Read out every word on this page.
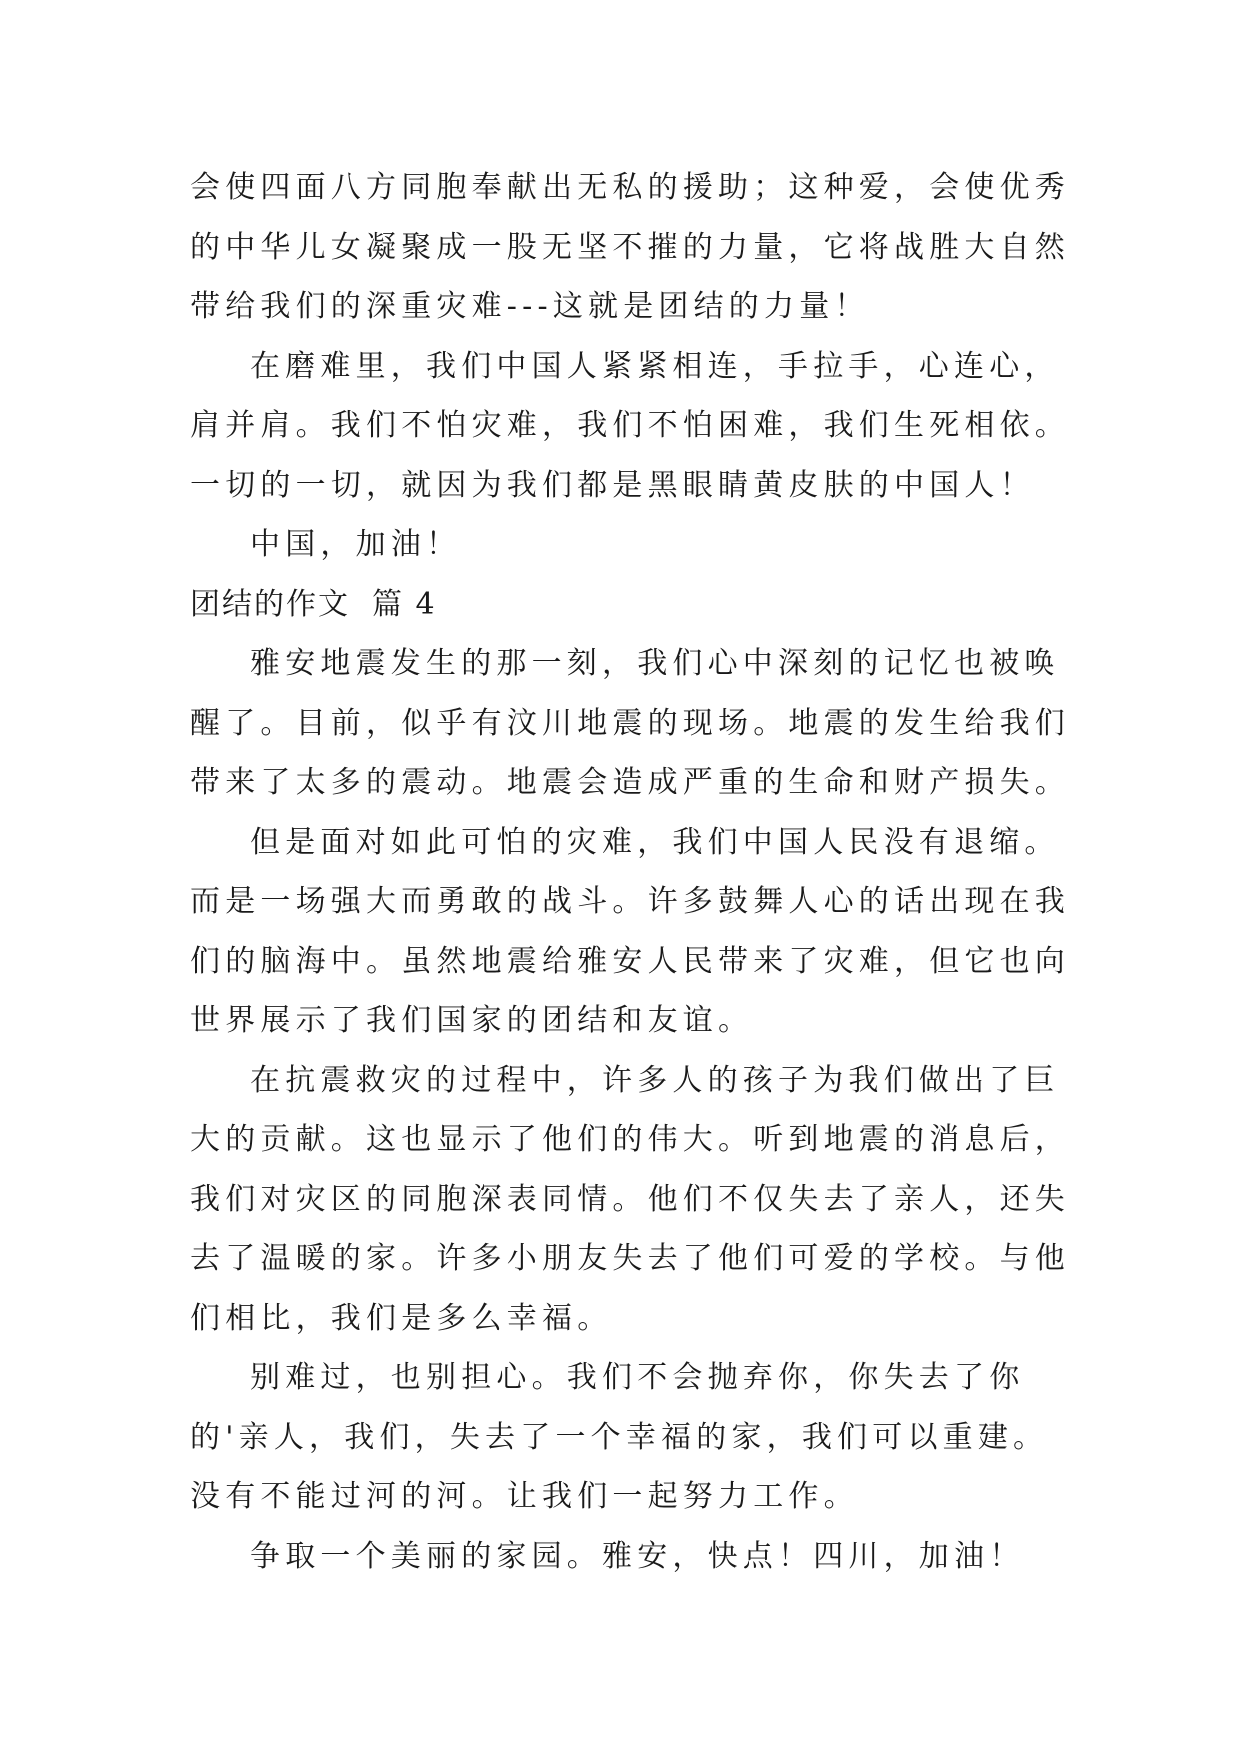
会使四面八方同胞奉献出无私的援助；这种爱，会使优秀的中华儿女凝聚成一股无坚不摧的力量，它将战胜大自然带给我们的深重灾难---这就是团结的力量！

在磨难里，我们中国人紧紧相连，手拉手，心连心，肩并肩。我们不怕灾难，我们不怕困难，我们生死相依。一切的一切，就因为我们都是黑眼睛黄皮肤的中国人！

中国，加油！

团结的作文 篇 4

雅安地震发生的那一刻，我们心中深刻的记忆也被唤醒了。目前，似乎有汶川地震的现场。地震的发生给我们带来了太多的震动。地震会造成严重的生命和财产损失。

但是面对如此可怕的灾难，我们中国人民没有退缩。而是一场强大而勇敢的战斗。许多鼓舞人心的话出现在我们的脑海中。虽然地震给雅安人民带来了灾难，但它也向世界展示了我们国家的团结和友谊。

在抗震救灾的过程中，许多人的孩子为我们做出了巨大的贡献。这也显示了他们的伟大。听到地震的消息后，我们对灾区的同胞深表同情。他们不仅失去了亲人，还失去了温暖的家。许多小朋友失去了他们可爱的学校。与他们相比，我们是多么幸福。

别难过，也别担心。我们不会抛弃你，你失去了你的'亲人，我们，失去了一个幸福的家，我们可以重建。没有不能过河的河。让我们一起努力工作。

争取一个美丽的家园。雅安，快点！四川，加油！
